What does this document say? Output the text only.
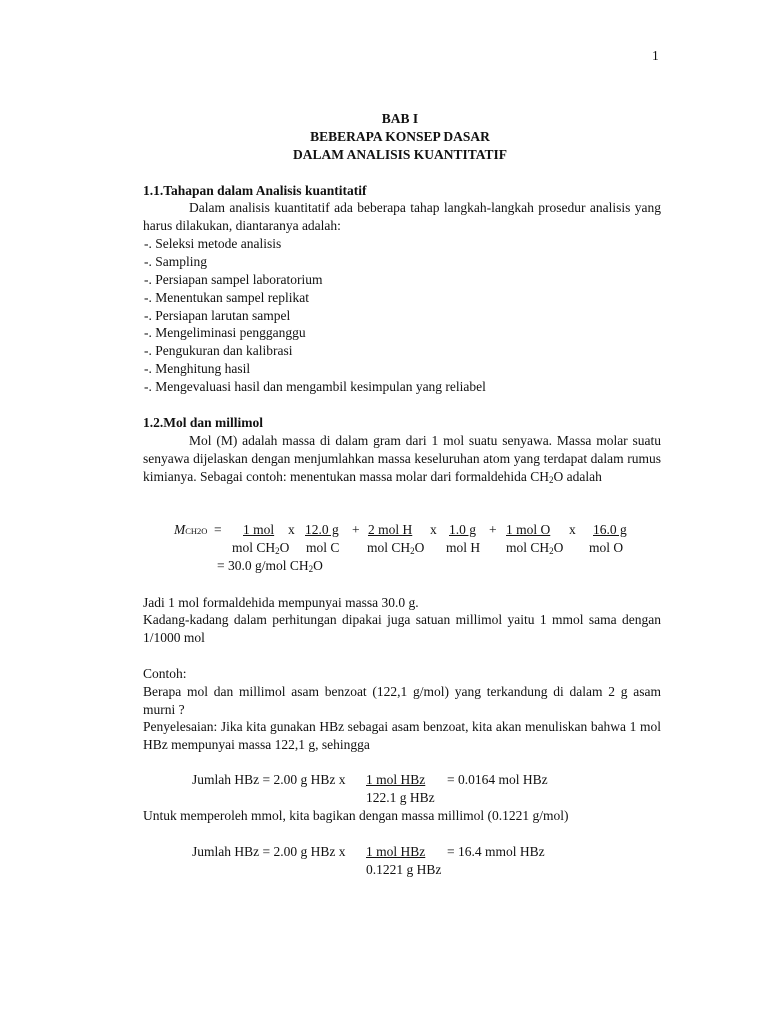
1
BAB I
BEBERAPA KONSEP DASAR
DALAM ANALISIS KUANTITATIF
1.1.Tahapan dalam Analisis kuantitatif
Dalam analisis kuantitatif ada beberapa tahap langkah-langkah prosedur analisis yang harus dilakukan, diantaranya adalah:
-. Seleksi metode analisis
-. Sampling
-. Persiapan sampel laboratorium
-. Menentukan sampel replikat
-. Persiapan larutan sampel
-. Mengeliminasi pengganggu
-. Pengukuran dan kalibrasi
-. Menghitung hasil
-. Mengevaluasi hasil dan mengambil kesimpulan yang reliabel
1.2.Mol dan millimol
Mol (M) adalah massa di dalam gram dari 1 mol suatu senyawa. Massa molar suatu senyawa dijelaskan dengan menjumlahkan massa keseluruhan atom yang terdapat dalam rumus kimianya. Sebagai contoh: menentukan massa molar dari formaldehida $CH_2O$ adalah
MCH2O = 1 mol x 12.0 g + 2 mol H x 1.0 g + 1 mol O x 16.0 g
mol $CH_2O$ mol C mol $CH_2O$ mol H mol $CH_2O$ mol O
= 30.0 g/mol $CH_2O$
Jadi 1 mol formaldehida mempunyai massa 30.0 g.
Kadang-kadang dalam perhitungan dipakai juga satuan millimol yaitu 1 mmol sama dengan 1/1000 mol
Contoh:
Berapa mol dan millimol asam benzoat (122,1 g/mol) yang terkandung di dalam 2 g asam murni ?
Penyelesaian: Jika kita gunakan HBz sebagai asam benzoat, kita akan menuliskan bahwa 1 mol HBz mempunyai massa 122,1 g, sehingga
Jumlah HBz = 2.00 g HBz x 1 mol HBz = 0.0164 mol HBz
122.1 g HBz
Untuk memperoleh mmol, kita bagikan dengan massa millimol (0.1221 g/mol)
Jumlah HBz = 2.00 g HBz x 1 mol HBz = 16.4 mmol HBz
0.1221 g HBz
